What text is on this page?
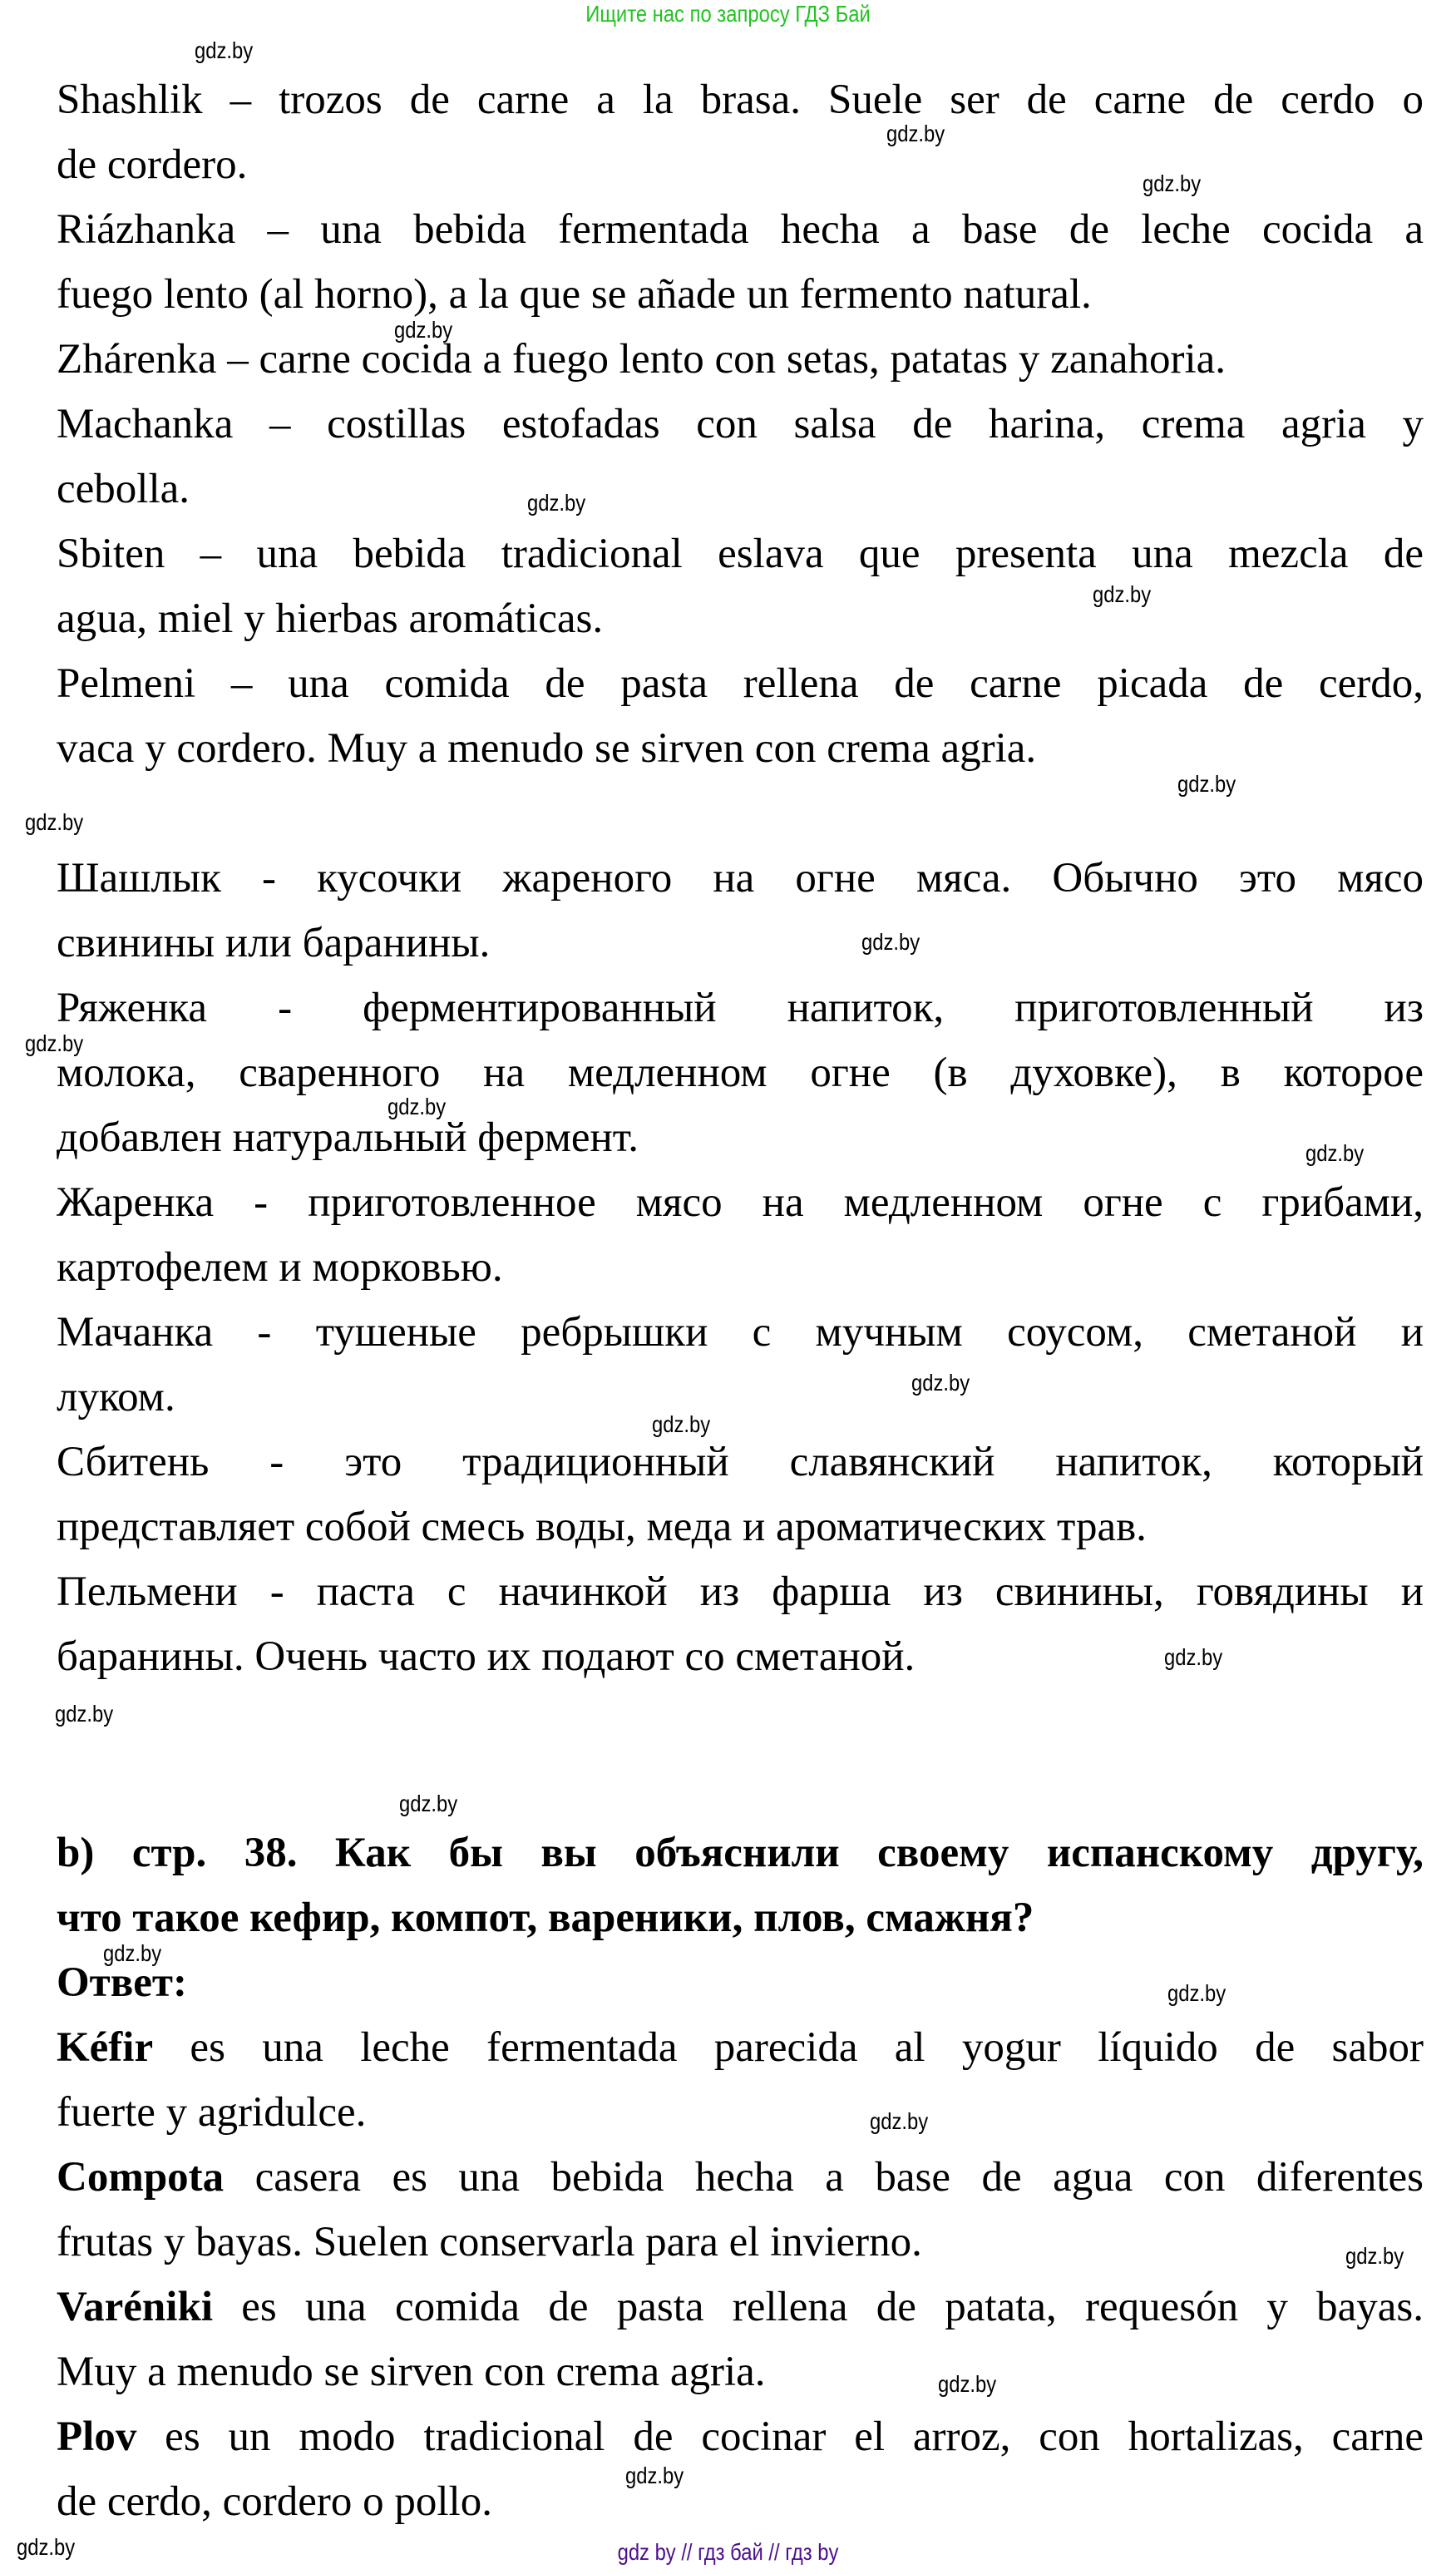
Ищите нас по запросу ГДЗ Бай
Shashlik – trozos de carne a la brasa. Suele ser de carne de cerdo o
de cordero.
Riázhanka – una bebida fermentada hecha a base de leche cocida a
fuego lento (al horno), a la que se añade un fermento natural.
Zhárenka – carne cocida a fuego lento con setas, patatas y zanahoria.
Machanka – costillas estofadas con salsa de harina, crema agria y
cebolla.
Sbiten – una bebida tradicional eslava que presenta una mezcla de
agua, miel y hierbas aromáticas.
Pelmeni – una comida de pasta rellena de carne picada de cerdo,
vaca y cordero. Muy a menudo se sirven con crema agria.
Шашлык - кусочки жареного на огне мяса. Обычно это мясо
свинины или баранины.
Ряженка - ферментированный напиток, приготовленный из
молока, сваренного на медленном огне (в духовке), в которое
добавлен натуральный фермент.
Жаренка - приготовленное мясо на медленном огне с грибами,
картофелем и морковью.
Мачанка - тушеные ребрышки с мучным соусом, сметаной и
луком.
Сбитень - это традиционный славянский напиток, который
представляет собой смесь воды, меда и ароматических трав.
Пельмени - паста с начинкой из фарша из свинины, говядины и
баранины. Очень часто их подают со сметаной.
b) стр. 38. Как бы вы объяснили своему испанскому другу,
что такое кефир, компот, вареники, плов, смажня?
Ответ:
Kéfir es una leche fermentada parecida al yogur líquido de sabor
fuerte y agridulce.
Compota casera es una bebida hecha a base de agua con diferentes
frutas y bayas. Suelen conservarla para el invierno.
Varéniki es una comida de pasta rellena de patata, requesón y bayas.
Muy a menudo se sirven con crema agria.
Plov es un modo tradicional de cocinar el arroz, con hortalizas, carne
de cerdo, cordero o pollo.
gdz.by
gdz.by
gdz.by
gdz.by
gdz.by
gdz.by
gdz.by
gdz.by
gdz.by
gdz.by
gdz.by
gdz.by
gdz.by
gdz.by
gdz.by
gdz.by
gdz.by
gdz.by
gdz.by
gdz.by
gdz.by
gdz.by
gdz.by
gdz.by	gdz by // гдз бай // гдз by
